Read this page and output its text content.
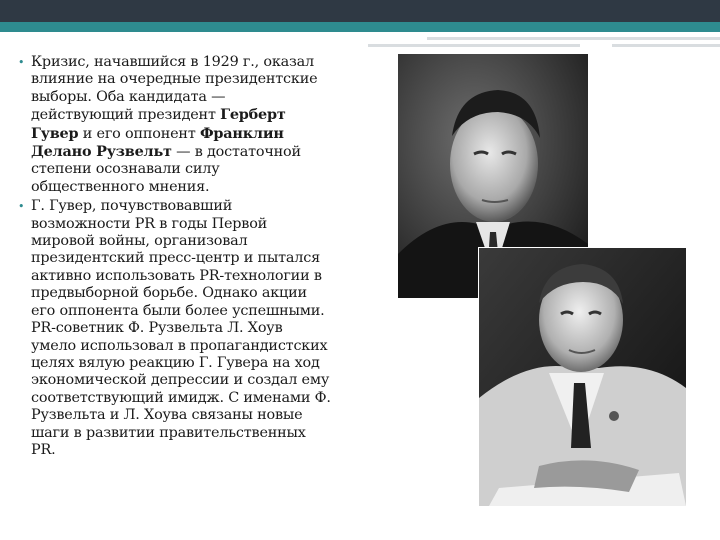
• Кризис, начавшийся в 1929 г., оказал
влияние на очередные президентские
выборы. Оба кандидата —
действующий президент Герберт
Гувер и его оппонент Франклин
Делано Рузвельт — в достаточной
степени осознавали силу
общественного мнения.
• Г. Гувер, почувствовавший
возможности PR в годы Первой
мировой войны, организовал
президентский пресс-центр и пытался
активно использовать PR-технологии в
предвыборной борьбе. Однако акции
его оппонента были более успешными.
PR-советник Ф. Рузвельта Л. Хоув
умело использовал в пропагандистских
целях вялую реакцию Г. Гувера на ход
экономической депрессии и создал ему
соответствующий имидж. С именами Ф.
Рузвельта и Л. Хоува связаны новые
шаги в развитии правительственных
PR.
